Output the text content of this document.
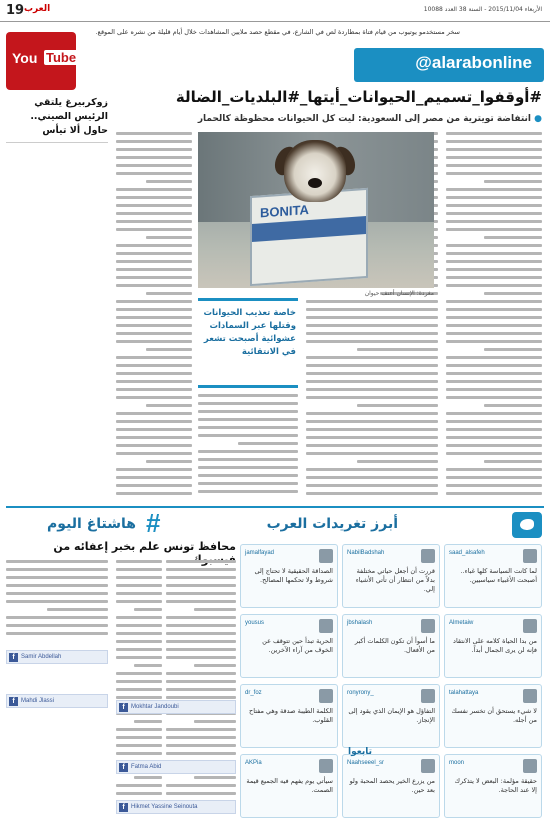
19 العرب	الأربعاء 2015/11/04 - السنة 38 العدد 10088
You Tube
سخر مستخدمو يوتيوب من قيام فتاة بمطاردة لص في الشارع، في مقطع حصد ملايين المشاهدات خلال أيام قليلة من نشره على الموقع.
@alarabonline
#أوقفوا_تسميم_الحيوانات_أيتها_#البلديات_الضالة
● انتفاضة تويترية من مصر إلى السعودية: ليت كل الحيوانات محظوظة كالحمار
زوكربيرغ يلتقي الرئيس الصيني.. حاول ألا تيأس
BONITA
مغردة: الإنسان أعنف حيوان

خاصة تعذيب الحيوانات وقتلها عبر السمادات عشوائية أصبحت تشعر في الانتقائية

#
هاشتاغ اليوم
محافظ تونس علم بخبر إعفائه من
f	Samir Abdellah
f	Mahdi Jlassi
f	Mokhtar Jandoubi
f	Fatma Abid
f	Hikmet Yassine Seinouta
أبرز تغريدات العرب
saad_alsafeh
لما كانت السياسة كلها غباء.. أصبحت الأغبياء سياسيين.
NabilBadshah
قررت أن أجعل حياتي مختلفة بدلاً من انتظار أن تأتي الأشياء إلي.
jamalfayad
الصداقة الحقيقية لا تحتاج إلى شروط ولا تحكمها المصالح.
Almetaiw
من بدا الحياة كلامه على الانتقاد فإنه لن يرى الجمال أبداً.
jbshalash
ما أسوأ أن تكون الكلمات أكبر من الأفعال.
yousus
الحرية تبدأ حين تتوقف عن الخوف من آراء الآخرين.
talahattaya
لا شيء يستحق أن تخسر نفسك من أجله.
ronyrony_
التفاؤل هو الإيمان الذي يقود إلى الإنجاز.
dr_foz
الكلمة الطيبة صدقة وهي مفتاح القلوب.
moon
حقيقة مؤلمة: البعض لا يتذكرك إلا عند الحاجة.
Naahseeel_sr
من يزرع الخير يحصد المحبة ولو بعد حين.
AKPia
سيأتي يوم يفهم فيه الجميع قيمة الصمت.
تابعوا
